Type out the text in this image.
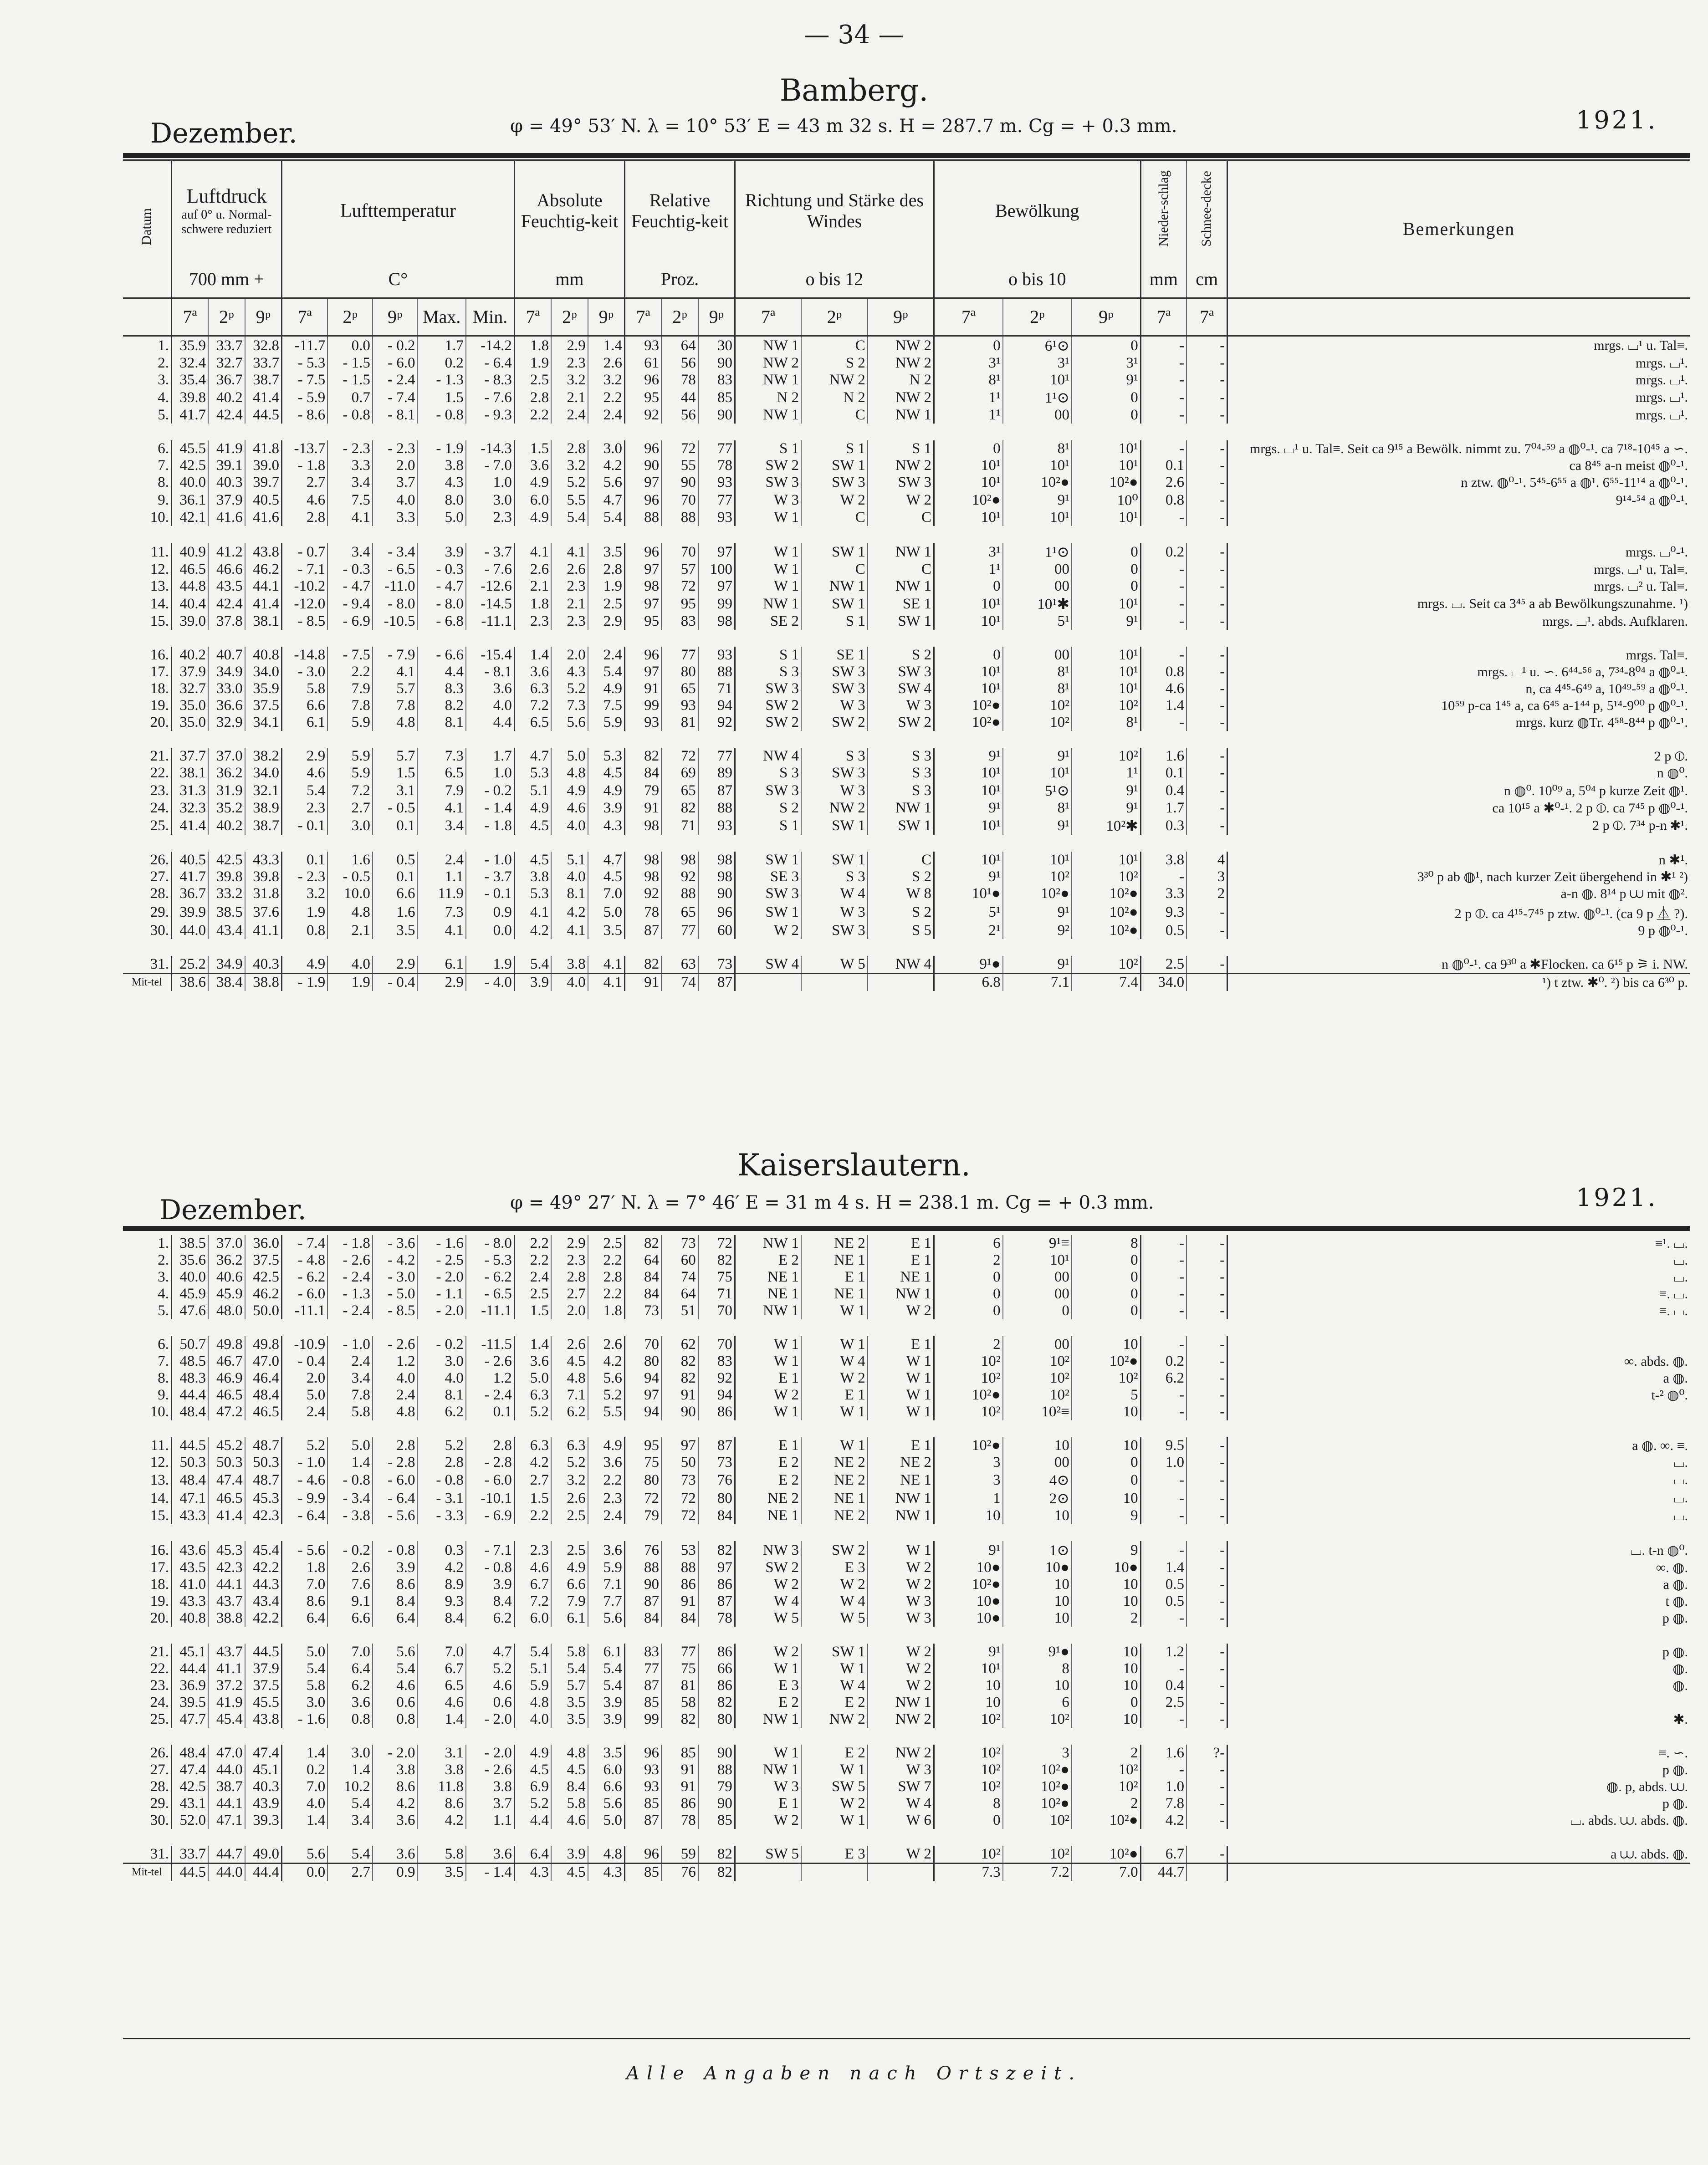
— 34 —
Bamberg.
Dezember.	φ = 49° 53′ N. λ = 10° 53′ E = 43 m 32 s. H = 287.7 m. Cg = + 0.3 mm.	1921.
Datum	Luftdruck
auf 0° u. Normal-schwere reduziert			Lufttemperatur					Absolute Feuchtig-keit			Relative Feuchtig-keit			Richtung und Stärke des Windes			Bewölkung			Nieder-schlag	Schnee-decke	Bemerkungen
	700 mm +			C°					mm			Proz.			o bis 12			o bis 10			mm	cm	
	7ª	2ᵖ	9ᵖ	7ª	2ᵖ	9ᵖ	Max.	Min.	7ª	2ᵖ	9ᵖ	7ª	2ᵖ	9ᵖ	7ª	2ᵖ	9ᵖ	7ª	2ᵖ	9ᵖ	7ª	7ª	
1.	35.9	33.7	32.8	-11.7	0.0	- 0.2	1.7	-14.2	1.8	2.9	1.4	93	64	30	NW 1	C	NW 2	0	6¹⊙	0	-	-	mrgs. ⌴¹ u. Tal≡.
2.	32.4	32.7	33.7	- 5.3	- 1.5	- 6.0	0.2	- 6.4	1.9	2.3	2.6	61	56	90	NW 2	S 2	NW 2	3¹	3¹	3¹	-	-	mrgs. ⌴¹.
3.	35.4	36.7	38.7	- 7.5	- 1.5	- 2.4	- 1.3	- 8.3	2.5	3.2	3.2	96	78	83	NW 1	NW 2	N 2	8¹	10¹	9¹	-	-	mrgs. ⌴¹.
4.	39.8	40.2	41.4	- 5.9	0.7	- 7.4	1.5	- 7.6	2.8	2.1	2.2	95	44	85	N 2	N 2	NW 2	1¹	1¹⊙	0	-	-	mrgs. ⌴¹.
5.	41.7	42.4	44.5	- 8.6	- 0.8	- 8.1	- 0.8	- 9.3	2.2	2.4	2.4	92	56	90	NW 1	C	NW 1	1¹	00	0	-	-	mrgs. ⌴¹.

6.	45.5	41.9	41.8	-13.7	- 2.3	- 2.3	- 1.9	-14.3	1.5	2.8	3.0	96	72	77	S 1	S 1	S 1	0	8¹	10¹	-	-	mrgs. ⌴¹ u. Tal≡. Seit ca 9¹⁵ a Bewölk. nimmt zu. 7⁰⁴-⁵⁹ a ◍⁰-¹. ca 7¹⁸-10⁴⁵ a ∽.
7.	42.5	39.1	39.0	- 1.8	3.3	2.0	3.8	- 7.0	3.6	3.2	4.2	90	55	78	SW 2	SW 1	NW 2	10¹	10¹	10¹	0.1	-	ca 8⁴⁵ a-n meist ◍⁰-¹.
8.	40.0	40.3	39.7	2.7	3.4	3.7	4.3	1.0	4.9	5.2	5.6	97	90	93	SW 3	SW 3	SW 3	10¹	10²●	10²●	2.6	-	n ztw. ◍⁰-¹. 5⁴⁵-6⁵⁵ a ◍¹. 6⁵⁵-11¹⁴ a ◍⁰-¹.
9.	36.1	37.9	40.5	4.6	7.5	4.0	8.0	3.0	6.0	5.5	4.7	96	70	77	W 3	W 2	W 2	10²●	9¹	10⁰	0.8	-	9¹⁴-⁵⁴ a ◍⁰-¹.
10.	42.1	41.6	41.6	2.8	4.1	3.3	5.0	2.3	4.9	5.4	5.4	88	88	93	W 1	C	C	10¹	10¹	10¹	-	-	

11.	40.9	41.2	43.8	- 0.7	3.4	- 3.4	3.9	- 3.7	4.1	4.1	3.5	96	70	97	W 1	SW 1	NW 1	3¹	1¹⊙	0	0.2	-	mrgs. ⌴⁰-¹.
12.	46.5	46.6	46.2	- 7.1	- 0.3	- 6.5	- 0.3	- 7.6	2.6	2.6	2.8	97	57	100	W 1	C	C	1¹	00	0	-	-	mrgs. ⌴¹ u. Tal≡.
13.	44.8	43.5	44.1	-10.2	- 4.7	-11.0	- 4.7	-12.6	2.1	2.3	1.9	98	72	97	W 1	NW 1	NW 1	0	00	0	-	-	mrgs. ⌴² u. Tal≡.
14.	40.4	42.4	41.4	-12.0	- 9.4	- 8.0	- 8.0	-14.5	1.8	2.1	2.5	97	95	99	NW 1	SW 1	SE 1	10¹	10¹✱	10¹	-	-	mrgs. ⌴. Seit ca 3⁴⁵ a ab Bewölkungszunahme. ¹)
15.	39.0	37.8	38.1	- 8.5	- 6.9	-10.5	- 6.8	-11.1	2.3	2.3	2.9	95	83	98	SE 2	S 1	SW 1	10¹	5¹	9¹	-	-	mrgs. ⌴¹. abds. Aufklaren.

16.	40.2	40.7	40.8	-14.8	- 7.5	- 7.9	- 6.6	-15.4	1.4	2.0	2.4	96	77	93	S 1	SE 1	S 2	0	00	10¹	-	-	mrgs. Tal≡.
17.	37.9	34.9	34.0	- 3.0	2.2	4.1	4.4	- 8.1	3.6	4.3	5.4	97	80	88	S 3	SW 3	SW 3	10¹	8¹	10¹	0.8	-	mrgs. ⌴¹ u. ∽. 6⁴⁴-⁵⁶ a, 7³⁴-8⁰⁴ a ◍⁰-¹.
18.	32.7	33.0	35.9	5.8	7.9	5.7	8.3	3.6	6.3	5.2	4.9	91	65	71	SW 3	SW 3	SW 4	10¹	8¹	10¹	4.6	-	n, ca 4⁴⁵-6⁴⁹ a, 10⁴⁹-⁵⁹ a ◍⁰-¹.
19.	35.0	36.6	37.5	6.6	7.8	7.8	8.2	4.0	7.2	7.3	7.5	99	93	94	SW 2	W 3	W 3	10²●	10²	10²	1.4	-	10⁵⁹ p-ca 1⁴⁵ a, ca 6⁴⁵ a-1⁴⁴ p, 5¹⁴-9⁰⁰ p ◍⁰-¹.
20.	35.0	32.9	34.1	6.1	5.9	4.8	8.1	4.4	6.5	5.6	5.9	93	81	92	SW 2	SW 2	SW 2	10²●	10²	8¹	-	-	mrgs. kurz ◍Tr. 4⁵⁸-8⁴⁴ p ◍⁰-¹.

21.	37.7	37.0	38.2	2.9	5.9	5.7	7.3	1.7	4.7	5.0	5.3	82	72	77	NW 4	S 3	S 3	9¹	9¹	10²	1.6	-	2 p ⦶.
22.	38.1	36.2	34.0	4.6	5.9	1.5	6.5	1.0	5.3	4.8	4.5	84	69	89	S 3	SW 3	S 3	10¹	10¹	1¹	0.1	-	n ◍⁰.
23.	31.3	31.9	32.1	5.4	7.2	3.1	7.9	- 0.2	5.1	4.9	4.9	79	65	87	SW 3	W 3	S 3	10¹	5¹⊙	9¹	0.4	-	n ◍⁰. 10⁰⁹ a, 5⁰⁴ p kurze Zeit ◍¹.
24.	32.3	35.2	38.9	2.3	2.7	- 0.5	4.1	- 1.4	4.9	4.6	3.9	91	82	88	S 2	NW 2	NW 1	9¹	8¹	9¹	1.7	-	ca 10¹⁵ a ✱⁰-¹. 2 p ⦶. ca 7⁴⁵ p ◍⁰-¹.
25.	41.4	40.2	38.7	- 0.1	3.0	0.1	3.4	- 1.8	4.5	4.0	4.3	98	71	93	S 1	SW 1	SW 1	10¹	9¹	10²✱	0.3	-	2 p ⦶. 7³⁴ p-n ✱¹.

26.	40.5	42.5	43.3	0.1	1.6	0.5	2.4	- 1.0	4.5	5.1	4.7	98	98	98	SW 1	SW 1	C	10¹	10¹	10¹	3.8	4	n ✱¹.
27.	41.7	39.8	39.8	- 2.3	- 0.5	0.1	1.1	- 3.7	3.8	4.0	4.5	98	92	98	SE 3	S 3	S 2	9¹	10²	10²	-	3	3³⁰ p ab ◍¹, nach kurzer Zeit übergehend in ✱¹ ²)
28.	36.7	33.2	31.8	3.2	10.0	6.6	11.9	- 0.1	5.3	8.1	7.0	92	88	90	SW 3	W 4	W 8	10¹●	10²●	10²●	3.3	2	a-n ◍. 8¹⁴ p ⩊ mit ◍².
29.	39.9	38.5	37.6	1.9	4.8	1.6	7.3	0.9	4.1	4.2	5.0	78	65	96	SW 1	W 3	S 2	5¹	9¹	10²●	9.3	-	2 p ⦶. ca 4¹⁵-7⁴⁵ p ztw. ◍⁰-¹. (ca 9 p ⏅ ?).
30.	44.0	43.4	41.1	0.8	2.1	3.5	4.1	0.0	4.2	4.1	3.5	87	77	60	W 2	SW 3	S 5	2¹	9²	10²●	0.5	-	9 p ◍⁰-¹.

31.	25.2	34.9	40.3	4.9	4.0	2.9	6.1	1.9	5.4	3.8	4.1	82	63	73	SW 4	W 5	NW 4	9¹●	9¹	10²	2.5	-	n ◍⁰-¹. ca 9³⁰ a ✱Flocken. ca 6¹⁵ p ⚞ i. NW.
Mit-tel	38.6	38.4	38.8	- 1.9	1.9	- 0.4	2.9	- 4.0	3.9	4.0	4.1	91	74	87				6.8	7.1	7.4	34.0		¹) t ztw. ✱⁰. ²) bis ca 6³⁰ p.
Kaiserslautern.
Dezember.	φ = 49° 27′ N. λ = 7° 46′ E = 31 m 4 s. H = 238.1 m. Cg = + 0.3 mm.	1921.
1.	38.5	37.0	36.0	- 7.4	- 1.8	- 3.6	- 1.6	- 8.0	2.2	2.9	2.5	82	73	72	NW 1	NE 2	E 1	6	9¹≡	8	-	-	≡¹. ⌴.
2.	35.6	36.2	37.5	- 4.8	- 2.6	- 4.2	- 2.5	- 5.3	2.2	2.3	2.2	64	60	82	E 2	NE 1	E 1	2	10¹	0	-	-	⌴.
3.	40.0	40.6	42.5	- 6.2	- 2.4	- 3.0	- 2.0	- 6.2	2.4	2.8	2.8	84	74	75	NE 1	E 1	NE 1	0	00	0	-	-	⌴.
4.	45.9	45.9	46.2	- 6.0	- 1.3	- 5.0	- 1.1	- 6.5	2.5	2.7	2.2	84	64	71	NE 1	NE 1	NW 1	0	00	0	-	-	≡. ⌴.
5.	47.6	48.0	50.0	-11.1	- 2.4	- 8.5	- 2.0	-11.1	1.5	2.0	1.8	73	51	70	NW 1	W 1	W 2	0	0	0	-	-	≡. ⌴.

6.	50.7	49.8	49.8	-10.9	- 1.0	- 2.6	- 0.2	-11.5	1.4	2.6	2.6	70	62	70	W 1	W 1	E 1	2	00	10	-	-	
7.	48.5	46.7	47.0	- 0.4	2.4	1.2	3.0	- 2.6	3.6	4.5	4.2	80	82	83	W 1	W 4	W 1	10²	10²	10²●	0.2	-	∞. abds. ◍.
8.	48.3	46.9	46.4	2.0	3.4	4.0	4.0	1.2	5.0	4.8	5.6	94	82	92	E 1	W 2	W 1	10²	10²	10²	6.2	-	a ◍.
9.	44.4	46.5	48.4	5.0	7.8	2.4	8.1	- 2.4	6.3	7.1	5.2	97	91	94	W 2	E 1	W 1	10²●	10²	5	-	-	t-² ◍⁰.
10.	48.4	47.2	46.5	2.4	5.8	4.8	6.2	0.1	5.2	6.2	5.5	94	90	86	W 1	W 1	W 1	10²	10²≡	10	-	-	

11.	44.5	45.2	48.7	5.2	5.0	2.8	5.2	2.8	6.3	6.3	4.9	95	97	87	E 1	W 1	E 1	10²●	10	10	9.5	-	a ◍. ∞. ≡.
12.	50.3	50.3	50.3	- 1.0	1.4	- 2.8	2.8	- 2.8	4.2	5.2	3.6	75	50	73	E 2	NE 2	NE 2	3	00	0	1.0	-	⌴.
13.	48.4	47.4	48.7	- 4.6	- 0.8	- 6.0	- 0.8	- 6.0	2.7	3.2	2.2	80	73	76	E 2	NE 2	NE 1	3	4⊙	0	-	-	⌴.
14.	47.1	46.5	45.3	- 9.9	- 3.4	- 6.4	- 3.1	-10.1	1.5	2.6	2.3	72	72	80	NE 2	NE 1	NW 1	1	2⊙	10	-	-	⌴.
15.	43.3	41.4	42.3	- 6.4	- 3.8	- 5.6	- 3.3	- 6.9	2.2	2.5	2.4	79	72	84	NE 1	NE 2	NW 1	10	10	9	-	-	⌴.

16.	43.6	45.3	45.4	- 5.6	- 0.2	- 0.8	0.3	- 7.1	2.3	2.5	3.6	76	53	82	NW 3	SW 2	W 1	9¹	1⊙	9	-	-	⌴. t-n ◍⁰.
17.	43.5	42.3	42.2	1.8	2.6	3.9	4.2	- 0.8	4.6	4.9	5.9	88	88	97	SW 2	E 3	W 2	10●	10●	10●	1.4	-	∞. ◍.
18.	41.0	44.1	44.3	7.0	7.6	8.6	8.9	3.9	6.7	6.6	7.1	90	86	86	W 2	W 2	W 2	10²●	10	10	0.5	-	a ◍.
19.	43.3	43.7	43.4	8.6	9.1	8.4	9.3	8.4	7.2	7.9	7.7	87	91	87	W 4	W 4	W 3	10●	10	10	0.5	-	t ◍.
20.	40.8	38.8	42.2	6.4	6.6	6.4	8.4	6.2	6.0	6.1	5.6	84	84	78	W 5	W 5	W 3	10●	10	2	-	-	p ◍.

21.	45.1	43.7	44.5	5.0	7.0	5.6	7.0	4.7	5.4	5.8	6.1	83	77	86	W 2	SW 1	W 2	9¹	9¹●	10	1.2	-	p ◍.
22.	44.4	41.1	37.9	5.4	6.4	5.4	6.7	5.2	5.1	5.4	5.4	77	75	66	W 1	W 1	W 2	10¹	8	10	-	-	◍.
23.	36.9	37.2	37.5	5.8	6.2	4.6	6.5	4.6	5.9	5.7	5.4	87	81	86	E 3	W 4	W 2	10	10	10	0.4	-	◍.
24.	39.5	41.9	45.5	3.0	3.6	0.6	4.6	0.6	4.8	3.5	3.9	85	58	82	E 2	E 2	NW 1	10	6	0	2.5	-	
25.	47.7	45.4	43.8	- 1.6	0.8	0.8	1.4	- 2.0	4.0	3.5	3.9	99	82	80	NW 1	NW 2	NW 2	10²	10²	10	-	-	✱.

26.	48.4	47.0	47.4	1.4	3.0	- 2.0	3.1	- 2.0	4.9	4.8	3.5	96	85	90	W 1	E 2	NW 2	10²	3	2	1.6	?-	≡. ∽.
27.	47.4	44.0	45.1	0.2	1.4	3.8	3.8	- 2.6	4.5	4.5	6.0	93	91	88	NW 1	W 1	W 3	10²	10²●	10²	-	-	p ◍.
28.	42.5	38.7	40.3	7.0	10.2	8.6	11.8	3.8	6.9	8.4	6.6	93	91	79	W 3	SW 5	SW 7	10²	10²●	10²	1.0	-	◍. p, abds. ⩊.
29.	43.1	44.1	43.9	4.0	5.4	4.2	8.6	3.7	5.2	5.8	5.6	85	86	90	E 1	W 2	W 4	8	10²●	2	7.8	-	p ◍.
30.	52.0	47.1	39.3	1.4	3.4	3.6	4.2	1.1	4.4	4.6	5.0	87	78	85	W 2	W 1	W 6	0	10²	10²●	4.2	-	⌴. abds. ⩊. abds. ◍.

31.	33.7	44.7	49.0	5.6	5.4	3.6	5.8	3.6	6.4	3.9	4.8	96	59	82	SW 5	E 3	W 2	10²	10²	10²●	6.7	-	a ⩊. abds. ◍.
Mit-tel	44.5	44.0	44.4	0.0	2.7	0.9	3.5	- 1.4	4.3	4.5	4.3	85	76	82				7.3	7.2	7.0	44.7		
Alle Angaben nach Ortszeit.
